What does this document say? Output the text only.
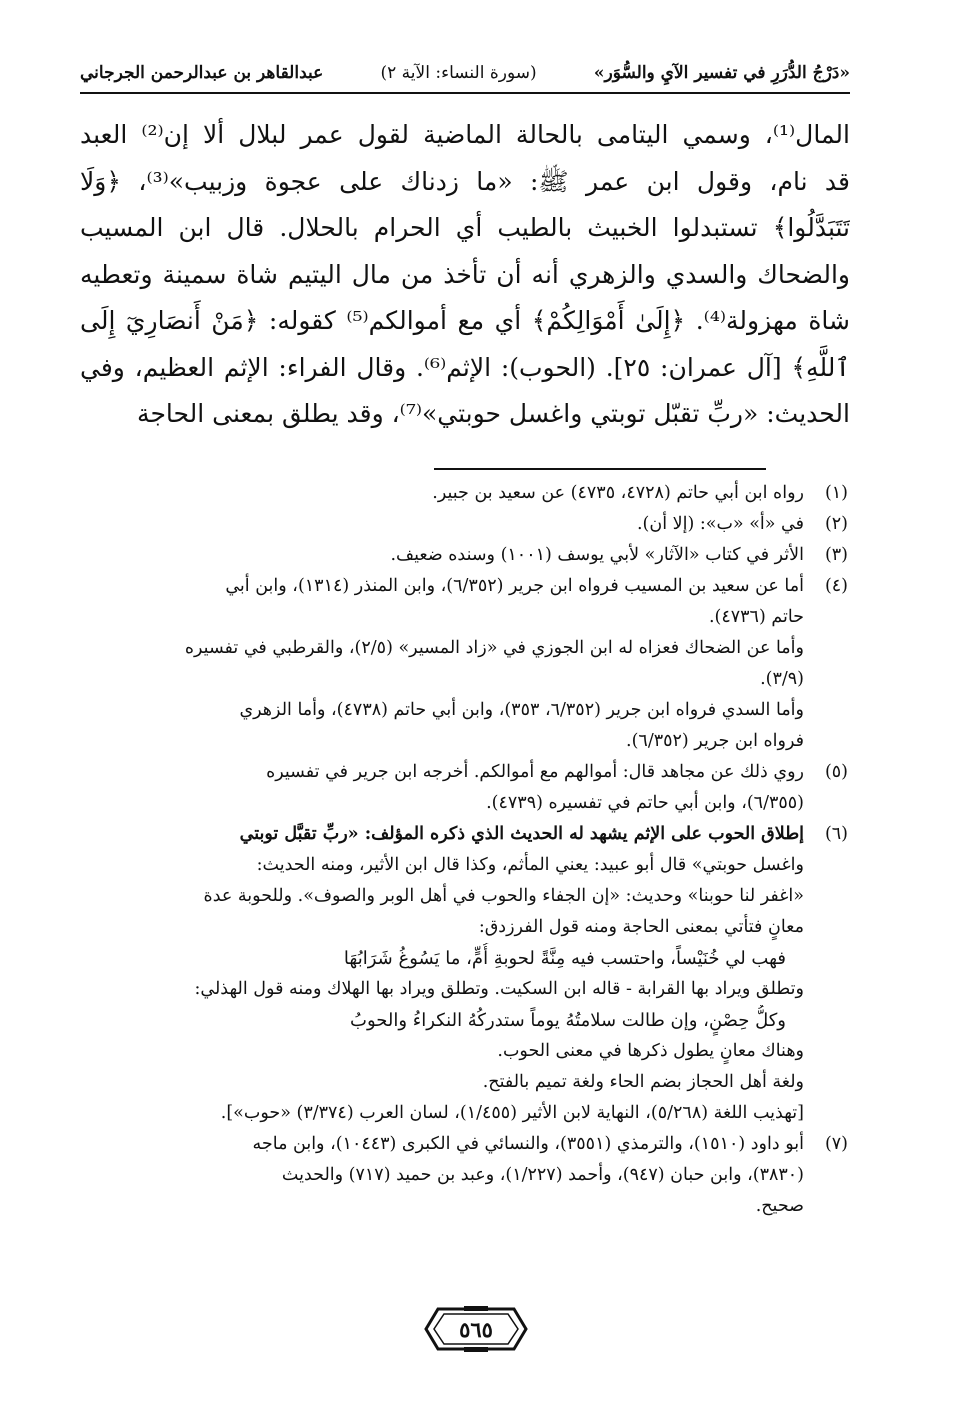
«دَرْجُ الدُّرَرِ في تفسير الآيِ والسُّوَر»
(سورة النساء: الآية ٢)
عبدالقاهر بن عبدالرحمن الجرجاني

المال⁽¹⁾، وسمي اليتامى بالحالة الماضية لقول عمر لبلال ألا إن⁽²⁾ العبد

قد نام، وقول ابن عمر ﷺ: «ما زدناك على عجوة وزبيب»⁽³⁾، ﴿وَلَا

تَتَبَدَّلُوا﴾ تستبدلوا الخبيث بالطيب أي الحرام بالحلال. قال ابن المسيب

والضحاك والسدي والزهري أنه أن تأخذ من مال اليتيم شاة سمينة وتعطيه

شاة مهزولة⁽⁴⁾. ﴿إِلَىٰ أَمْوَالِكُمْ﴾ أي مع أموالكم⁽⁵⁾ كقوله: ﴿مَنْ أَنصَارِيٓ إِلَى

ٱللَّهِ﴾ [آل عمران: ٢٥]. (الحوب): الإثم⁽⁶⁾. وقال الفراء: الإثم العظيم، وفي

الحديث: «ربِّ تقبّل توبتي واغسل حوبتي»⁽⁷⁾، وقد يطلق بمعنى الحاجة

(١)
رواه ابن أبي حاتم (٤٧٢٨، ٤٧٣٥) عن سعيد بن جبير.
(٢)
في «أ» «ب»: (إلا أن).
(٣)
الأثر في كتاب «الآثار» لأبي يوسف (١٠٠١) وسنده ضعيف.
(٤)
أما عن سعيد بن المسيب فرواه ابن جرير (٦/٣٥٢)، وابن المنذر (١٣١٤)، وابن أبي
حاتم (٤٧٣٦).
وأما عن الضحاك فعزاه له ابن الجوزي في «زاد المسير» (٢/٥)، والقرطبي في تفسيره
(٣/٩).
وأما السدي فرواه ابن جرير (٦/٣٥٢، ٣٥٣)، وابن أبي حاتم (٤٧٣٨)، وأما الزهري
فرواه ابن جرير (٦/٣٥٢).
(٥)
روي ذلك عن مجاهد قال: أموالهم مع أموالكم. أخرجه ابن جرير في تفسيره
(٦/٣٥٥)، وابن أبي حاتم في تفسيره (٤٧٣٩).
(٦)
إطلاق الحوب على الإثم يشهد له الحديث الذي ذكره المؤلف: «ربِّ تقبَّل توبتي
واغسل حوبتي» قال أبو عبيد: يعني المأثم، وكذا قال ابن الأثير، ومنه الحديث:
«اغفر لنا حوبنا» وحديث: «إن الجفاء والحوب في أهل الوبر والصوف». وللحوبة عدة
معانٍ فتأتي بمعنى الحاجة ومنه قول الفرزدق:
فهب لي خُنَيْساً، واحتسب فيه مِنَّةً لحوبةِ أُمٍّ، ما يَسُوغُ شَرَابُهَا
وتطلق ويراد بها القرابة - قاله ابن السكيت. وتطلق ويراد بها الهلاك ومنه قول الهذلي:
وكلُّ حِصْنٍ، وإن طالت سلامتُهُ يوماً ستدركُهُ النكراءُ والحوبُ
وهناك معانٍ يطول ذكرها في معنى الحوب.
ولغة أهل الحجاز بضم الحاء ولغة تميم بالفتح.
[تهذيب اللغة (٥/٢٦٨)، النهاية لابن الأثير (١/٤٥٥)، لسان العرب (٣/٣٧٤) «حوب»].
(٧)
أبو داود (١٥١٠)، والترمذي (٣٥٥١)، والنسائي في الكبرى (١٠٤٤٣)، وابن ماجه
(٣٨٣٠)، وابن حبان (٩٤٧)، وأحمد (١/٢٢٧)، وعبد بن حميد (٧١٧) والحديث
صحيح.
٥٦٥
